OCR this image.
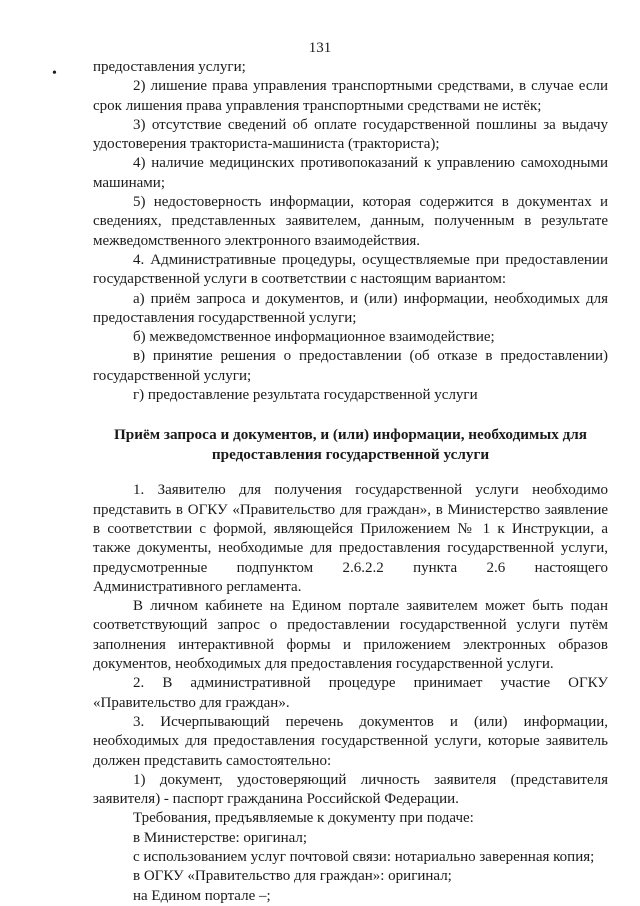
131
• предоставления услуги;

2) лишение права управления транспортными средствами, в случае если срок лишения права управления транспортными средствами не истёк;

3) отсутствие сведений об оплате государственной пошлины за выдачу удостоверения тракториста-машиниста (тракториста);

4) наличие медицинских противопоказаний к управлению самоходными машинами;

5) недостоверность информации, которая содержится в документах и сведениях, представленных заявителем, данным, полученным в результате межведомственного электронного взаимодействия.

4. Административные процедуры, осуществляемые при предоставлении государственной услуги в соответствии с настоящим вариантом:

а) приём запроса и документов, и (или) информации, необходимых для предоставления государственной услуги;

б) межведомственное информационное взаимодействие;

в) принятие решения о предоставлении (об отказе в предоставлении) государственной услуги;

г) предоставление результата государственной услуги

Приём запроса и документов, и (или) информации, необходимых для предоставления государственной услуги

1. Заявителю для получения государственной услуги необходимо представить в ОГКУ «Правительство для граждан», в Министерство заявление в соответствии с формой, являющейся Приложением № 1 к Инструкции, а также документы, необходимые для предоставления государственной услуги, предусмотренные подпунктом 2.6.2.2 пункта 2.6 настоящего Административного регламента.

В личном кабинете на Едином портале заявителем может быть подан соответствующий запрос о предоставлении государственной услуги путём заполнения интерактивной формы и приложением электронных образов документов, необходимых для предоставления государственной услуги.

2. В административной процедуре принимает участие ОГКУ «Правительство для граждан».

3. Исчерпывающий перечень документов и (или) информации, необходимых для предоставления государственной услуги, которые заявитель должен представить самостоятельно:

1) документ, удостоверяющий личность заявителя (представителя заявителя) - паспорт гражданина Российской Федерации.

Требования, предъявляемые к документу при подаче:

в Министерстве: оригинал;

с использованием услуг почтовой связи: нотариально заверенная копия;

в ОГКУ «Правительство для граждан»: оригинал;

на Едином портале –;
